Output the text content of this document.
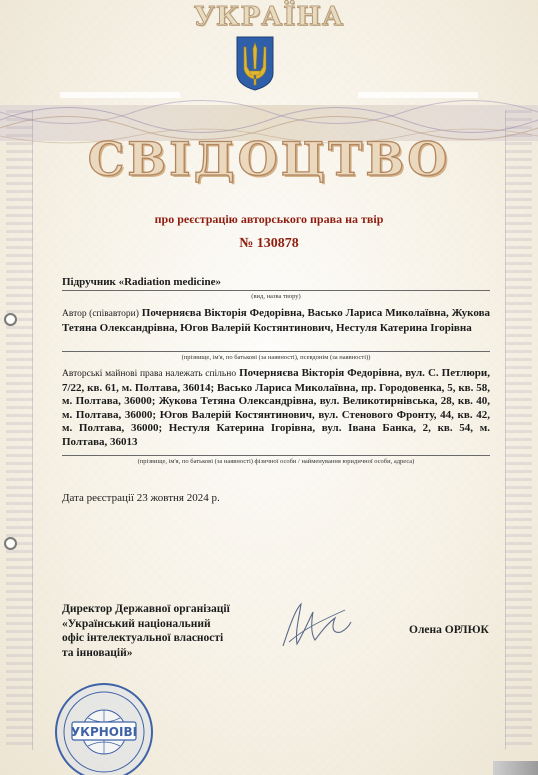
УКРАЇНА
СВІДОЦТВО
про реєстрацію авторського права на твір
№ 130878
Підручник «Radiation medicine»
(вид, назва твору)
Автор (співавтори) Почерняєва Вікторія Федорівна, Васько Лариса Миколаївна, Жукова Тетяна Олександрівна, Югов Валерій Костянтинович, Нестуля Катерина Ігорівна
(прізвище, ім'я, по батькові (за наявності), псевдонім (за наявності))
Авторські майнові права належать спільно Почерняєва Вікторія Федорівна, вул. С. Петлюри, 7/22, кв. 61, м. Полтава, 36014; Васько Лариса Миколаївна, пр. Городовенка, 5, кв. 58, м. Полтава, 36000; Жукова Тетяна Олександрівна, вул. Великотирнівська, 28, кв. 40, м. Полтава, 36000; Югов Валерій Костянтинович, вул. Стенового Фронту, 44, кв. 42, м. Полтава, 36000; Нестуля Катерина Ігорівна, вул. Івана Банка, 2, кв. 54, м. Полтава, 36013
(прізвище, ім'я, по батькові (за наявності) фізичної особи / найменування юридичної особи, адреса)
Дата реєстрації 23 жовтня 2024 р.
Директор Державної організації
«Український національний
офіс інтелектуальної власності
та інновацій»
Олена ОРЛЮК
УКРНОІВІ
